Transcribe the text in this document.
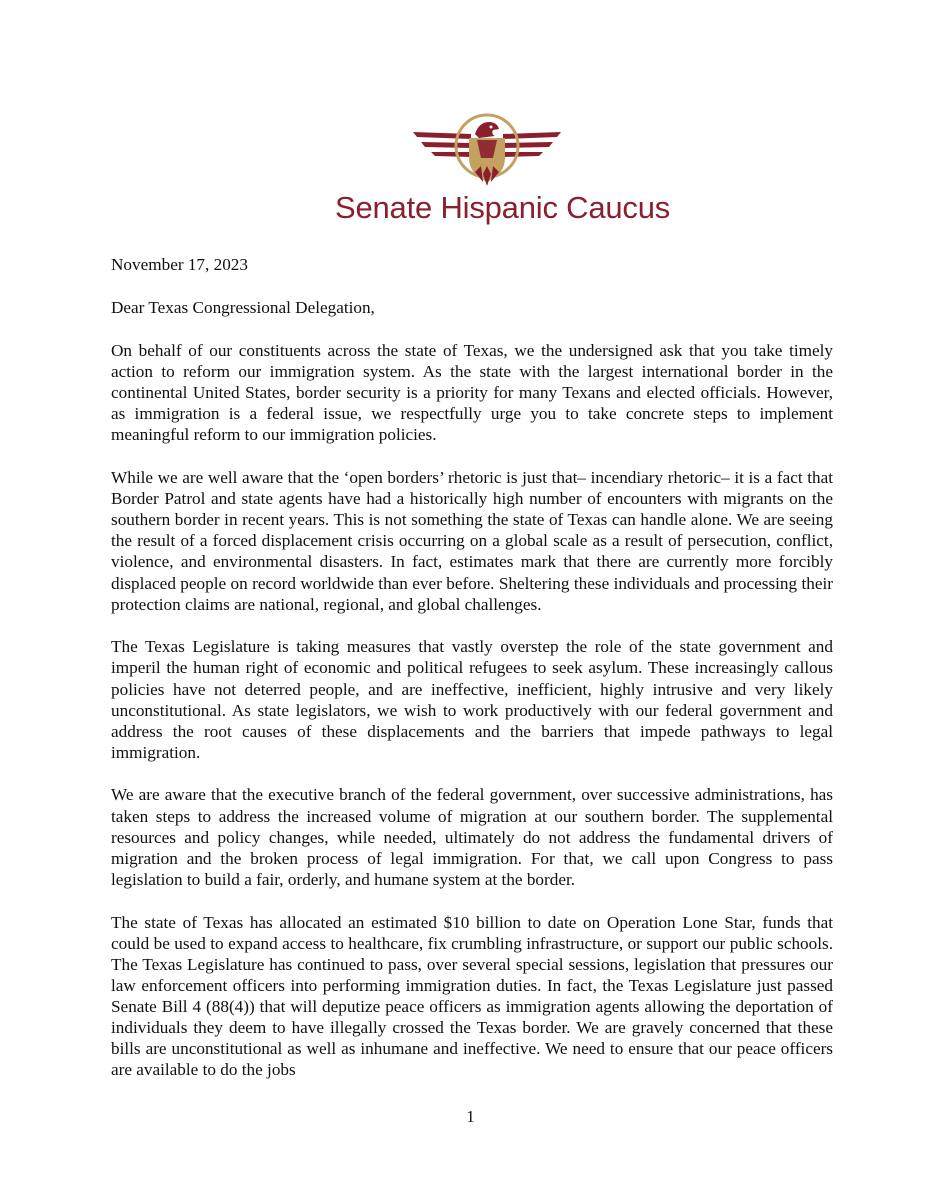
Senate Hispanic Caucus
November 17, 2023
Dear Texas Congressional Delegation,

On behalf of our constituents across the state of Texas, we the undersigned ask that you take timely action to reform our immigration system. As the state with the largest international border in the continental United States, border security is a priority for many Texans and elected officials. However, as immigration is a federal issue, we respectfully urge you to take concrete steps to implement meaningful reform to our immigration policies.

While we are well aware that the ‘open borders’ rhetoric is just that– incendiary rhetoric– it is a fact that Border Patrol and state agents have had a historically high number of encounters with migrants on the southern border in recent years. This is not something the state of Texas can handle alone. We are seeing the result of a forced displacement crisis occurring on a global scale as a result of persecution, conflict, violence, and environmental disasters. In fact, estimates mark that there are currently more forcibly displaced people on record worldwide than ever before. Sheltering these individuals and processing their protection claims are national, regional, and global challenges.

The Texas Legislature is taking measures that vastly overstep the role of the state government and imperil the human right of economic and political refugees to seek asylum. These increasingly callous policies have not deterred people, and are ineffective, inefficient, highly intrusive and very likely unconstitutional. As state legislators, we wish to work productively with our federal government and address the root causes of these displacements and the barriers that impede pathways to legal immigration.

We are aware that the executive branch of the federal government, over successive administrations, has taken steps to address the increased volume of migration at our southern border. The supplemental resources and policy changes, while needed, ultimately do not address the fundamental drivers of migration and the broken process of legal immigration. For that, we call upon Congress to pass legislation to build a fair, orderly, and humane system at the border.

The state of Texas has allocated an estimated $10 billion to date on Operation Lone Star, funds that could be used to expand access to healthcare, fix crumbling infrastructure, or support our public schools. The Texas Legislature has continued to pass, over several special sessions, legislation that pressures our law enforcement officers into performing immigration duties. In fact, the Texas Legislature just passed Senate Bill 4 (88(4)) that will deputize peace officers as immigration agents allowing the deportation of individuals they deem to have illegally crossed the Texas border. We are gravely concerned that these bills are unconstitutional as well as inhumane and ineffective. We need to ensure that our peace officers are available to do the jobs

1
